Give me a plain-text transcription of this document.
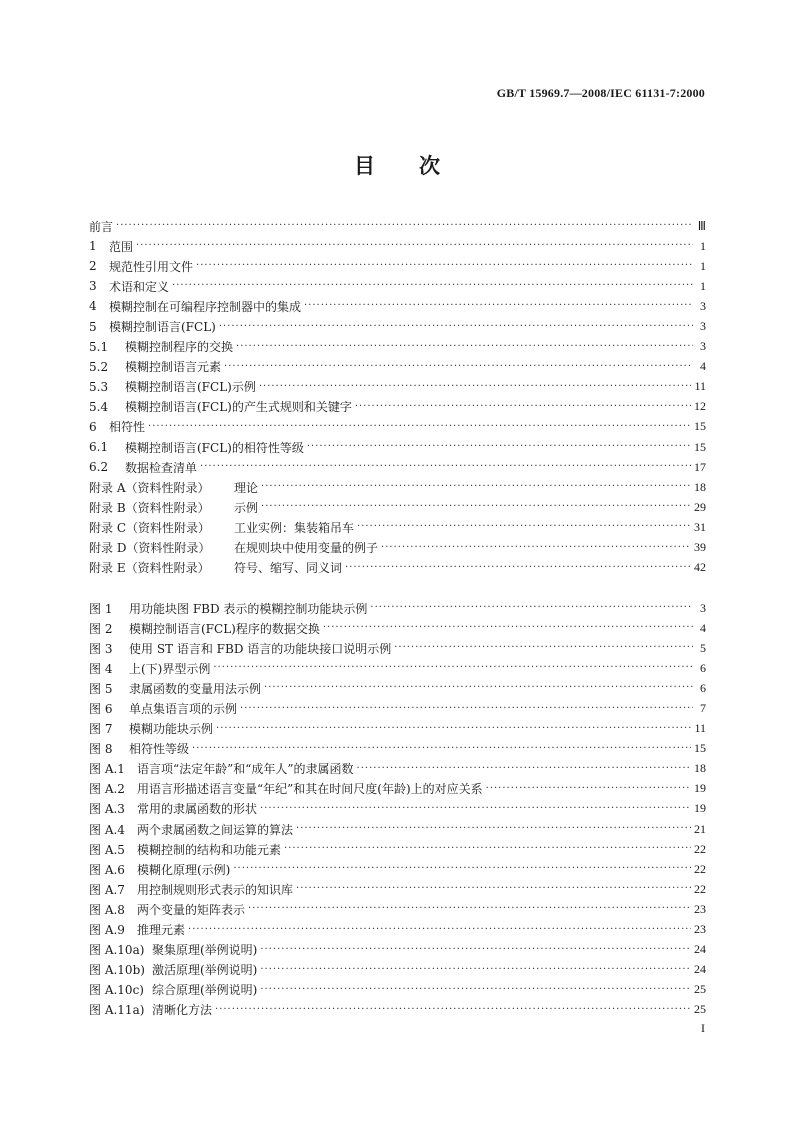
GB/T 15969.7—2008/IEC 61131-7:2000
目 次
前言 ·····	Ⅲ
1	范围 ·····	1
2	规范性引用文件 ·····	1
3	术语和定义 ·····	1
4	模糊控制在可编程序控制器中的集成 ·····	3
5	模糊控制语言(FCL) ·····	3
5.1	模糊控制程序的交换 ·····	3
5.2	模糊控制语言元素 ·····	4
5.3	模糊控制语言(FCL)示例 ·····	11
5.4	模糊控制语言(FCL)的产生式规则和关键字 ·····	12
6	相符性 ·····	15
6.1	模糊控制语言(FCL)的相符性等级 ·····	15
6.2	数据检查清单 ·····	17
附录 A（资料性附录）	理论 ·····	18
附录 B（资料性附录）	示例 ·····	29
附录 C（资料性附录）	工业实例：集装箱吊车 ·····	31
附录 D（资料性附录）	在规则块中使用变量的例子 ·····	39
附录 E（资料性附录）	符号、缩写、同义词 ·····	42
图 1	用功能块图 FBD 表示的模糊控制功能块示例 ·····	3
图 2	模糊控制语言(FCL)程序的数据交换 ·····	4
图 3	使用 ST 语言和 FBD 语言的功能块接口说明示例 ·····	5
图 4	上(下)界型示例 ·····	6
图 5	隶属函数的变量用法示例 ·····	6
图 6	单点集语言项的示例 ·····	7
图 7	模糊功能块示例 ·····	11
图 8	相符性等级 ·····	15
图 A.1	语言项“法定年龄”和“成年人”的隶属函数 ·····	18
图 A.2	用语言形描述语言变量“年纪”和其在时间尺度(年龄)上的对应关系 ·····	19
图 A.3	常用的隶属函数的形状 ·····	19
图 A.4	两个隶属函数之间运算的算法 ·····	21
图 A.5	模糊控制的结构和功能元素 ·····	22
图 A.6	模糊化原理(示例) ·····	22
图 A.7	用控制规则形式表示的知识库 ·····	22
图 A.8	两个变量的矩阵表示 ·····	23
图 A.9	推理元素 ·····	23
图 A.10a) 聚集原理(举例说明) ·····	24
图 A.10b) 激活原理(举例说明) ·····	24
图 A.10c) 综合原理(举例说明) ·····	25
图 A.11a) 清晰化方法 ·····	25
I
